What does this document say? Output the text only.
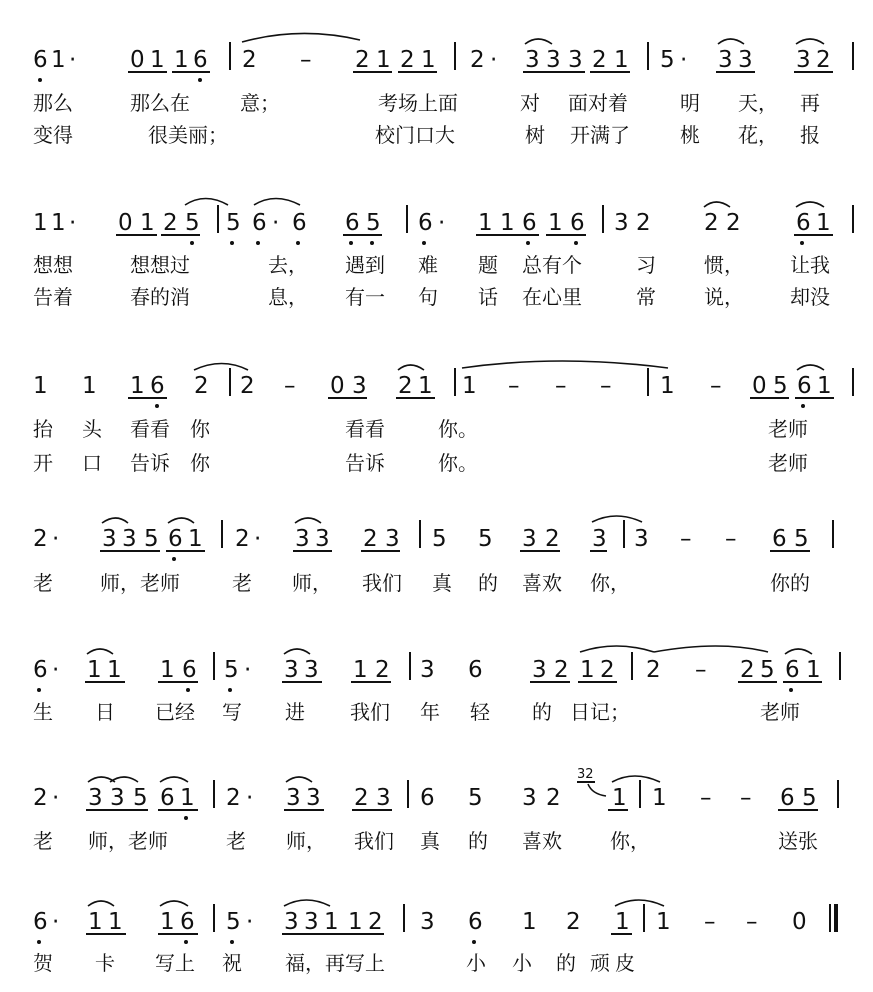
6 1 · 0 1 1 6 2 – 2 1 2 1 2 · 3 3 3 2 1 5 · 3 3 3 2
那么	那么在	意；	考场上面	对 面对着	明 天， 再
变得	很美丽；	校门口大	树 开满了	桃 花， 报
1 1 · 0 1 2 5 5 6 · 6 6 5 6 · 1 1 6 1 6 3 2 2 2 6 1
想想	想想过	去， 遇到 难 题 总有个	习 惯， 让我
告着	春的消	息， 有一 句 话 在心里	常 说， 却没
1 1 1 6 2 2 – 0 3 2 1 1 – – – 1 – 0 5 6 1
抬 头 看看 你	看看	你。	老师
开 口 告诉 你	告诉	你。	老师
2 · 3 3 5 6 1 2 · 3 3 2 3 5 5 3 2 3 3 – – 6 5
老 师，老师	老 师， 我们 真 的 喜欢 你，	你的
6 · 1 1 1 6 5 · 3 3 1 2 3 6 3 2 1 2 2 – 2 5 6 1
生 日 已经 写 进 我们 年 轻 的 日记；	老师
2 · 3 3 5 6 1 2 · 3 3 2 3 6 5 3 2
32
1 1 – – 6 5
老 师，老师	老 师， 我们 真 的 喜欢 你，	送张
6 · 1 1 1 6 5 · 3 3 1 1 2 3 6 1 2 1 1 – – 0
贺 卡 写上 祝 福，再写上	小 小 的 顽 皮
